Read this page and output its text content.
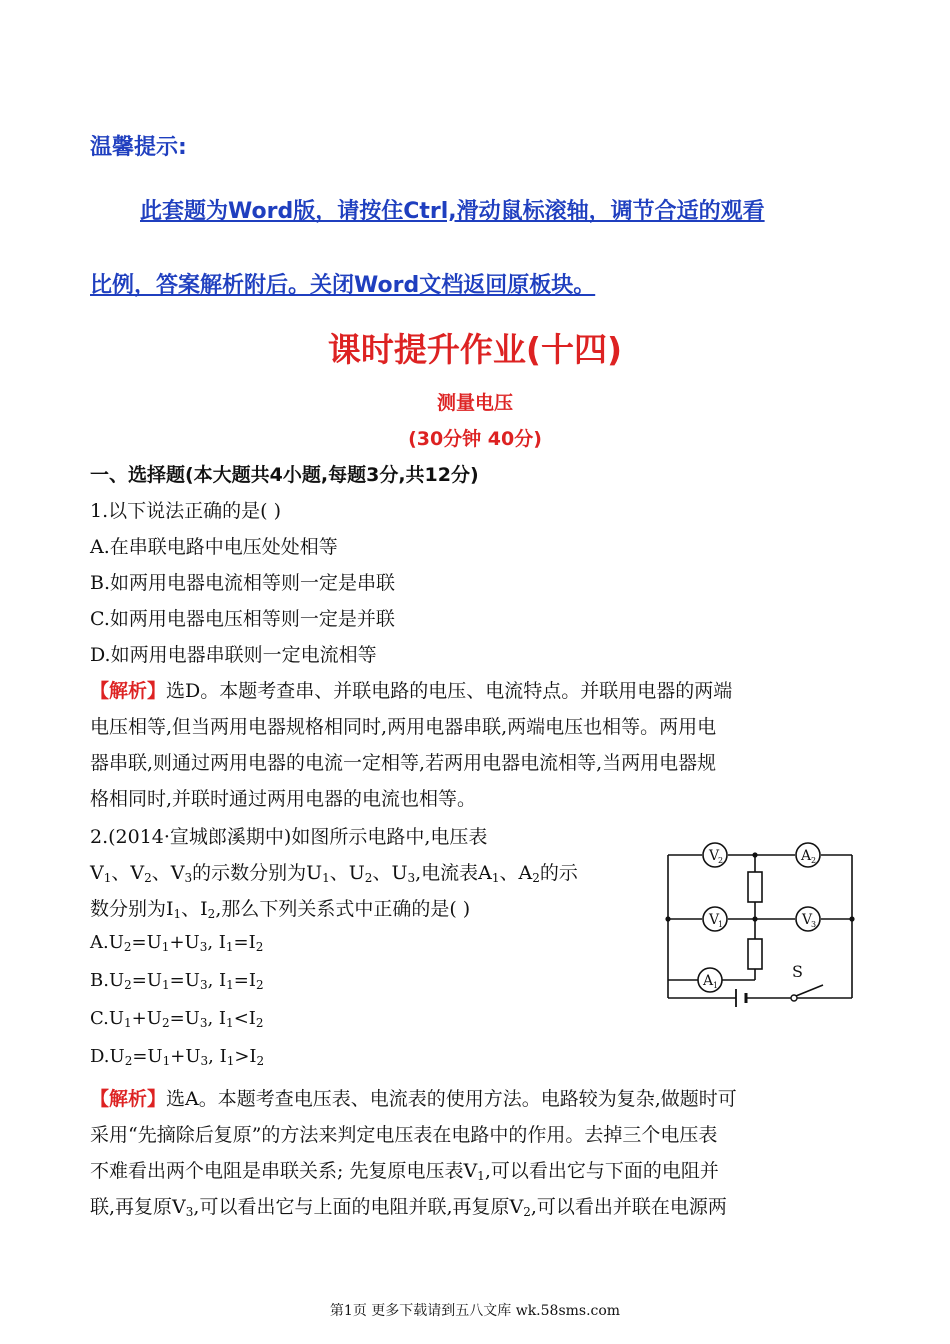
温馨提示:
此套题为Word版，请按住Ctrl,滑动鼠标滚轴，调节合适的观看
比例，答案解析附后。关闭Word文档返回原板块。
课时提升作业(十四)
测量电压
(30分钟 40分)
一、选择题(本大题共4小题,每题3分,共12分)
1.以下说法正确的是( )
A.在串联电路中电压处处相等
B.如两用电器电流相等则一定是串联
C.如两用电器电压相等则一定是并联
D.如两用电器串联则一定电流相等
【解析】选D。本题考查串、并联电路的电压、电流特点。并联用电器的两端
电压相等,但当两用电器规格相同时,两用电器串联,两端电压也相等。两用电
器串联,则通过两用电器的电流一定相等,若两用电器电流相等,当两用电器规
格相同时,并联时通过两用电器的电流也相等。
2.(2014·宣城郎溪期中)如图所示电路中,电压表
$V_1$、$V_2$、$V_3$的示数分别为$U_1$、$U_2$、$U_3$,电流表$A_1$、$A_2$的示
数分别为$I_1$、$I_2$,那么下列关系式中正确的是( )
$A.U_2=U_1+U_3$, $I_1=I_2$
$B.U_2=U_1=U_3$, $I_1=I_2$
$C.U_1+U_2=U_3$, $I_1<I_2$
$D.U_2=U_1+U_3$, $I_1>I_2$
【解析】选A。本题考查电压表、电流表的使用方法。电路较为复杂,做题时可
采用“先摘除后复原”的方法来判定电压表在电路中的作用。去掉三个电压表
不难看出两个电阻是串联关系; 先复原电压表$V_1$,可以看出它与下面的电阻并
联,再复原$V_3$,可以看出它与上面的电阻并联,再复原$V_2$,可以看出并联在电源两
V
2	A 2
V
1	V
3
A 1
S
第1页 更多下载请到五八文库 wk.58sms.com
